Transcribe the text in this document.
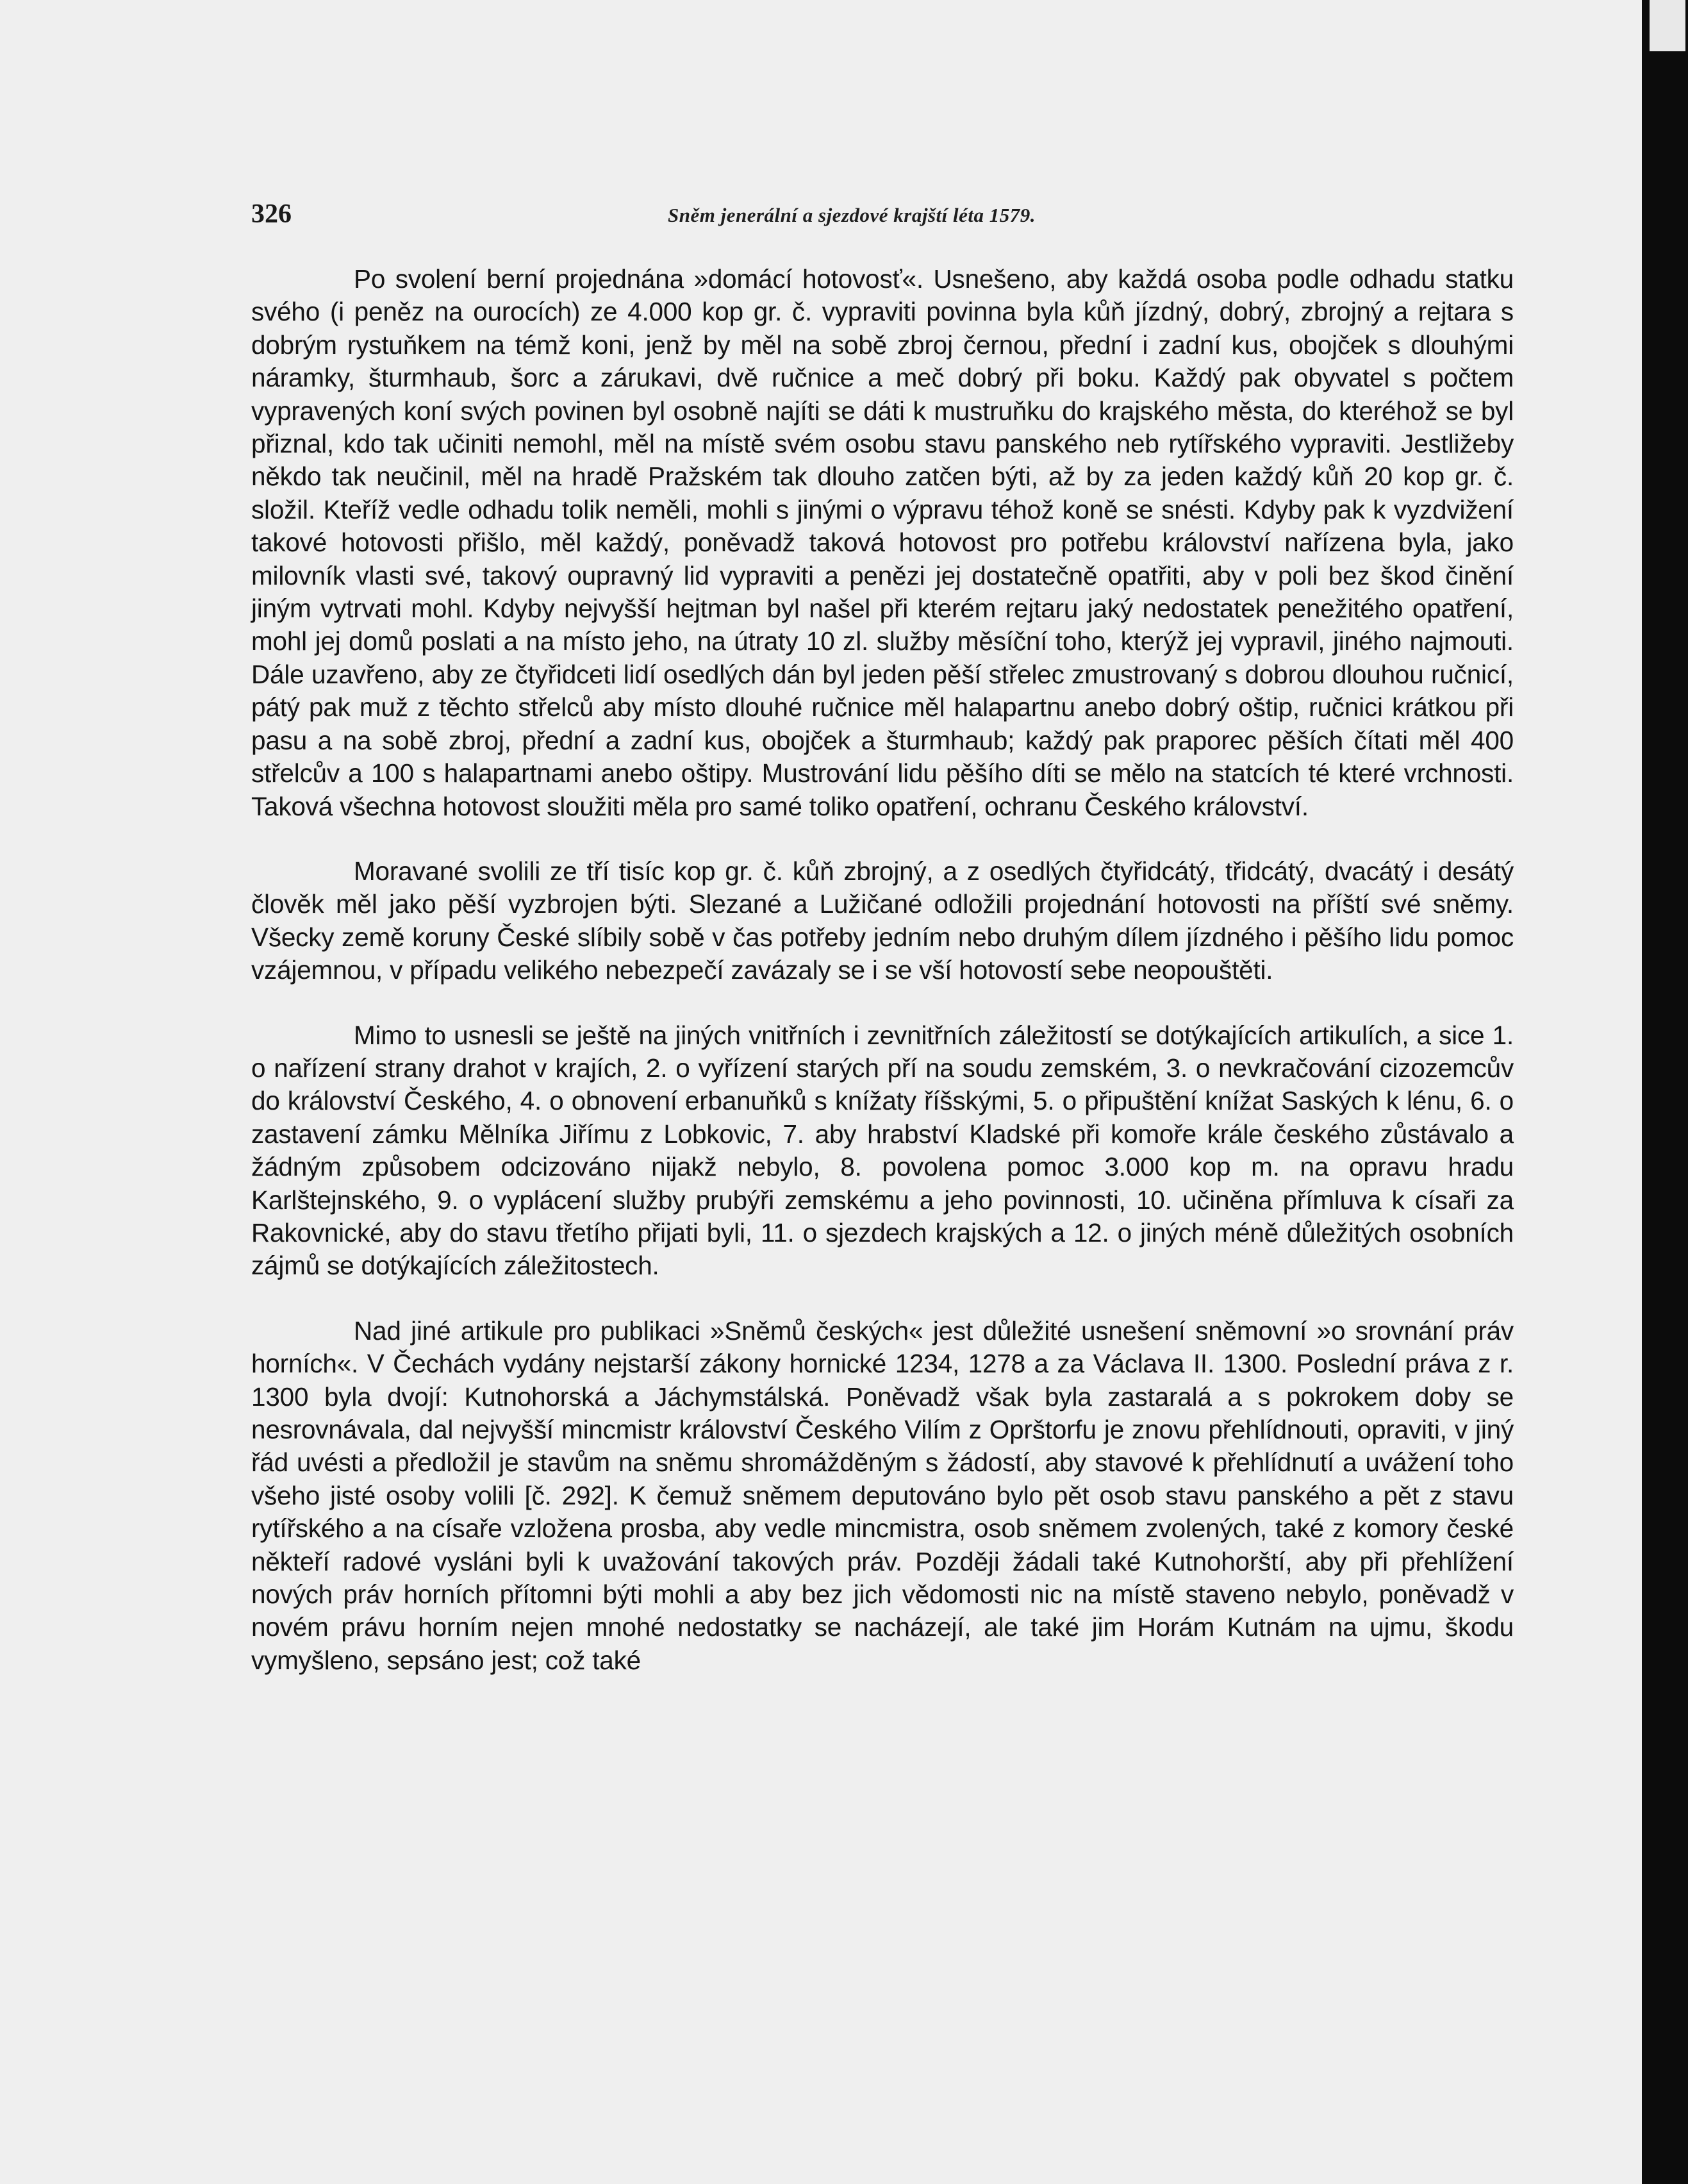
326	Sněm jenerální a sjezdové krajští léta 1579.

Po svolení berní projednána »domácí hotovosť«. Usnešeno, aby každá osoba podle odhadu statku svého (i peněz na ourocích) ze 4.000 kop gr. č. vypraviti povinna byla kůň jízdný, dobrý, zbrojný a rejtara s dobrým rystuňkem na témž koni, jenž by měl na sobě zbroj černou, přední i zadní kus, obojček s dlouhými náramky, šturmhaub, šorc a zárukavi, dvě ručnice a meč dobrý při boku. Každý pak obyvatel s počtem vypravených koní svých povinen byl osobně najíti se dáti k mustruňku do krajského města, do kteréhož se byl přiznal, kdo tak učiniti nemohl, měl na místě svém osobu stavu panského neb rytířského vypraviti. Jestližeby někdo tak neučinil, měl na hradě Pražském tak dlouho zatčen býti, až by za jeden každý kůň 20 kop gr. č. složil. Kteříž vedle odhadu tolik neměli, mohli s jinými o výpravu téhož koně se snésti. Kdyby pak k vyzdvižení takové hotovosti přišlo, měl každý, poněvadž taková hotovost pro potřebu království nařízena byla, jako milovník vlasti své, takový oupravný lid vypraviti a penězi jej dostatečně opatřiti, aby v poli bez škod činění jiným vytrvati mohl. Kdyby nejvyšší hejtman byl našel při kterém rejtaru jaký nedostatek penežitého opatření, mohl jej domů poslati a na místo jeho, na útraty 10 zl. služby měsíční toho, kterýž jej vypravil, jiného najmouti. Dále uzavřeno, aby ze čtyřidceti lidí osedlých dán byl jeden pěší střelec zmustrovaný s dobrou dlouhou ručnicí, pátý pak muž z těchto střelců aby místo dlouhé ručnice měl halapartnu anebo dobrý oštip, ručnici krátkou při pasu a na sobě zbroj, přední a zadní kus, obojček a šturmhaub; každý pak praporec pěších čítati měl 400 střelcův a 100 s halapartnami anebo oštipy. Mustrování lidu pěšího díti se mělo na statcích té které vrchnosti. Taková všechna hotovost sloužiti měla pro samé toliko opatření, ochranu Českého království.

Moravané svolili ze tří tisíc kop gr. č. kůň zbrojný, a z osedlých čtyřidcátý, třidcátý, dvacátý i desátý člověk měl jako pěší vyzbrojen býti. Slezané a Lužičané odložili projednání hotovosti na příští své sněmy. Všecky země koruny České slíbily sobě v čas potřeby jedním nebo druhým dílem jízdného i pěšího lidu pomoc vzájemnou, v případu velikého nebezpečí zavázaly se i se vší hotovostí sebe neopouštěti.

Mimo to usnesli se ještě na jiných vnitřních i zevnitřních záležitostí se dotýkajících artikulích, a sice 1. o nařízení strany drahot v krajích, 2. o vyřízení starých pří na soudu zemském, 3. o nevkračování cizozemcův do království Českého, 4. o obnovení erbanuňků s knížaty říšskými, 5. o připuštění knížat Saských k lénu, 6. o zastavení zámku Mělníka Jiřímu z Lobkovic, 7. aby hrabství Kladské při komoře krále českého zůstávalo a žádným způsobem odcizováno nijakž nebylo, 8. povolena pomoc 3.000 kop m. na opravu hradu Karlštejnského, 9. o vyplácení služby prubýři zemskému a jeho povinnosti, 10. učiněna přímluva k císaři za Rakovnické, aby do stavu třetího přijati byli, 11. o sjezdech krajských a 12. o jiných méně důležitých osobních zájmů se dotýkajících záležitostech.

Nad jiné artikule pro publikaci »Sněmů českých« jest důležité usnešení sněmovní »o srovnání práv horních«. V Čechách vydány nejstarší zákony hornické 1234, 1278 a za Václava II. 1300. Poslední práva z r. 1300 byla dvojí: Kutnohorská a Jáchymstálská. Poněvadž však byla zastaralá a s pokrokem doby se nesrovnávala, dal nejvyšší mincmistr království Českého Vilím z Oprštorfu je znovu přehlídnouti, opraviti, v jiný řád uvésti a předložil je stavům na sněmu shromážděným s žádostí, aby stavové k přehlídnutí a uvážení toho všeho jisté osoby volili [č. 292]. K čemuž sněmem deputováno bylo pět osob stavu panského a pět z stavu rytířského a na císaře vzložena prosba, aby vedle mincmistra, osob sněmem zvolených, také z komory české někteří radové vysláni byli k uvažování takových práv. Později žádali také Kutnohorští, aby při přehlížení nových práv horních přítomni býti mohli a aby bez jich vědomosti nic na místě staveno nebylo, poněvadž v novém právu horním nejen mnohé nedostatky se nacházejí, ale také jim Horám Kutnám na ujmu, škodu vymyšleno, sepsáno jest; což také
